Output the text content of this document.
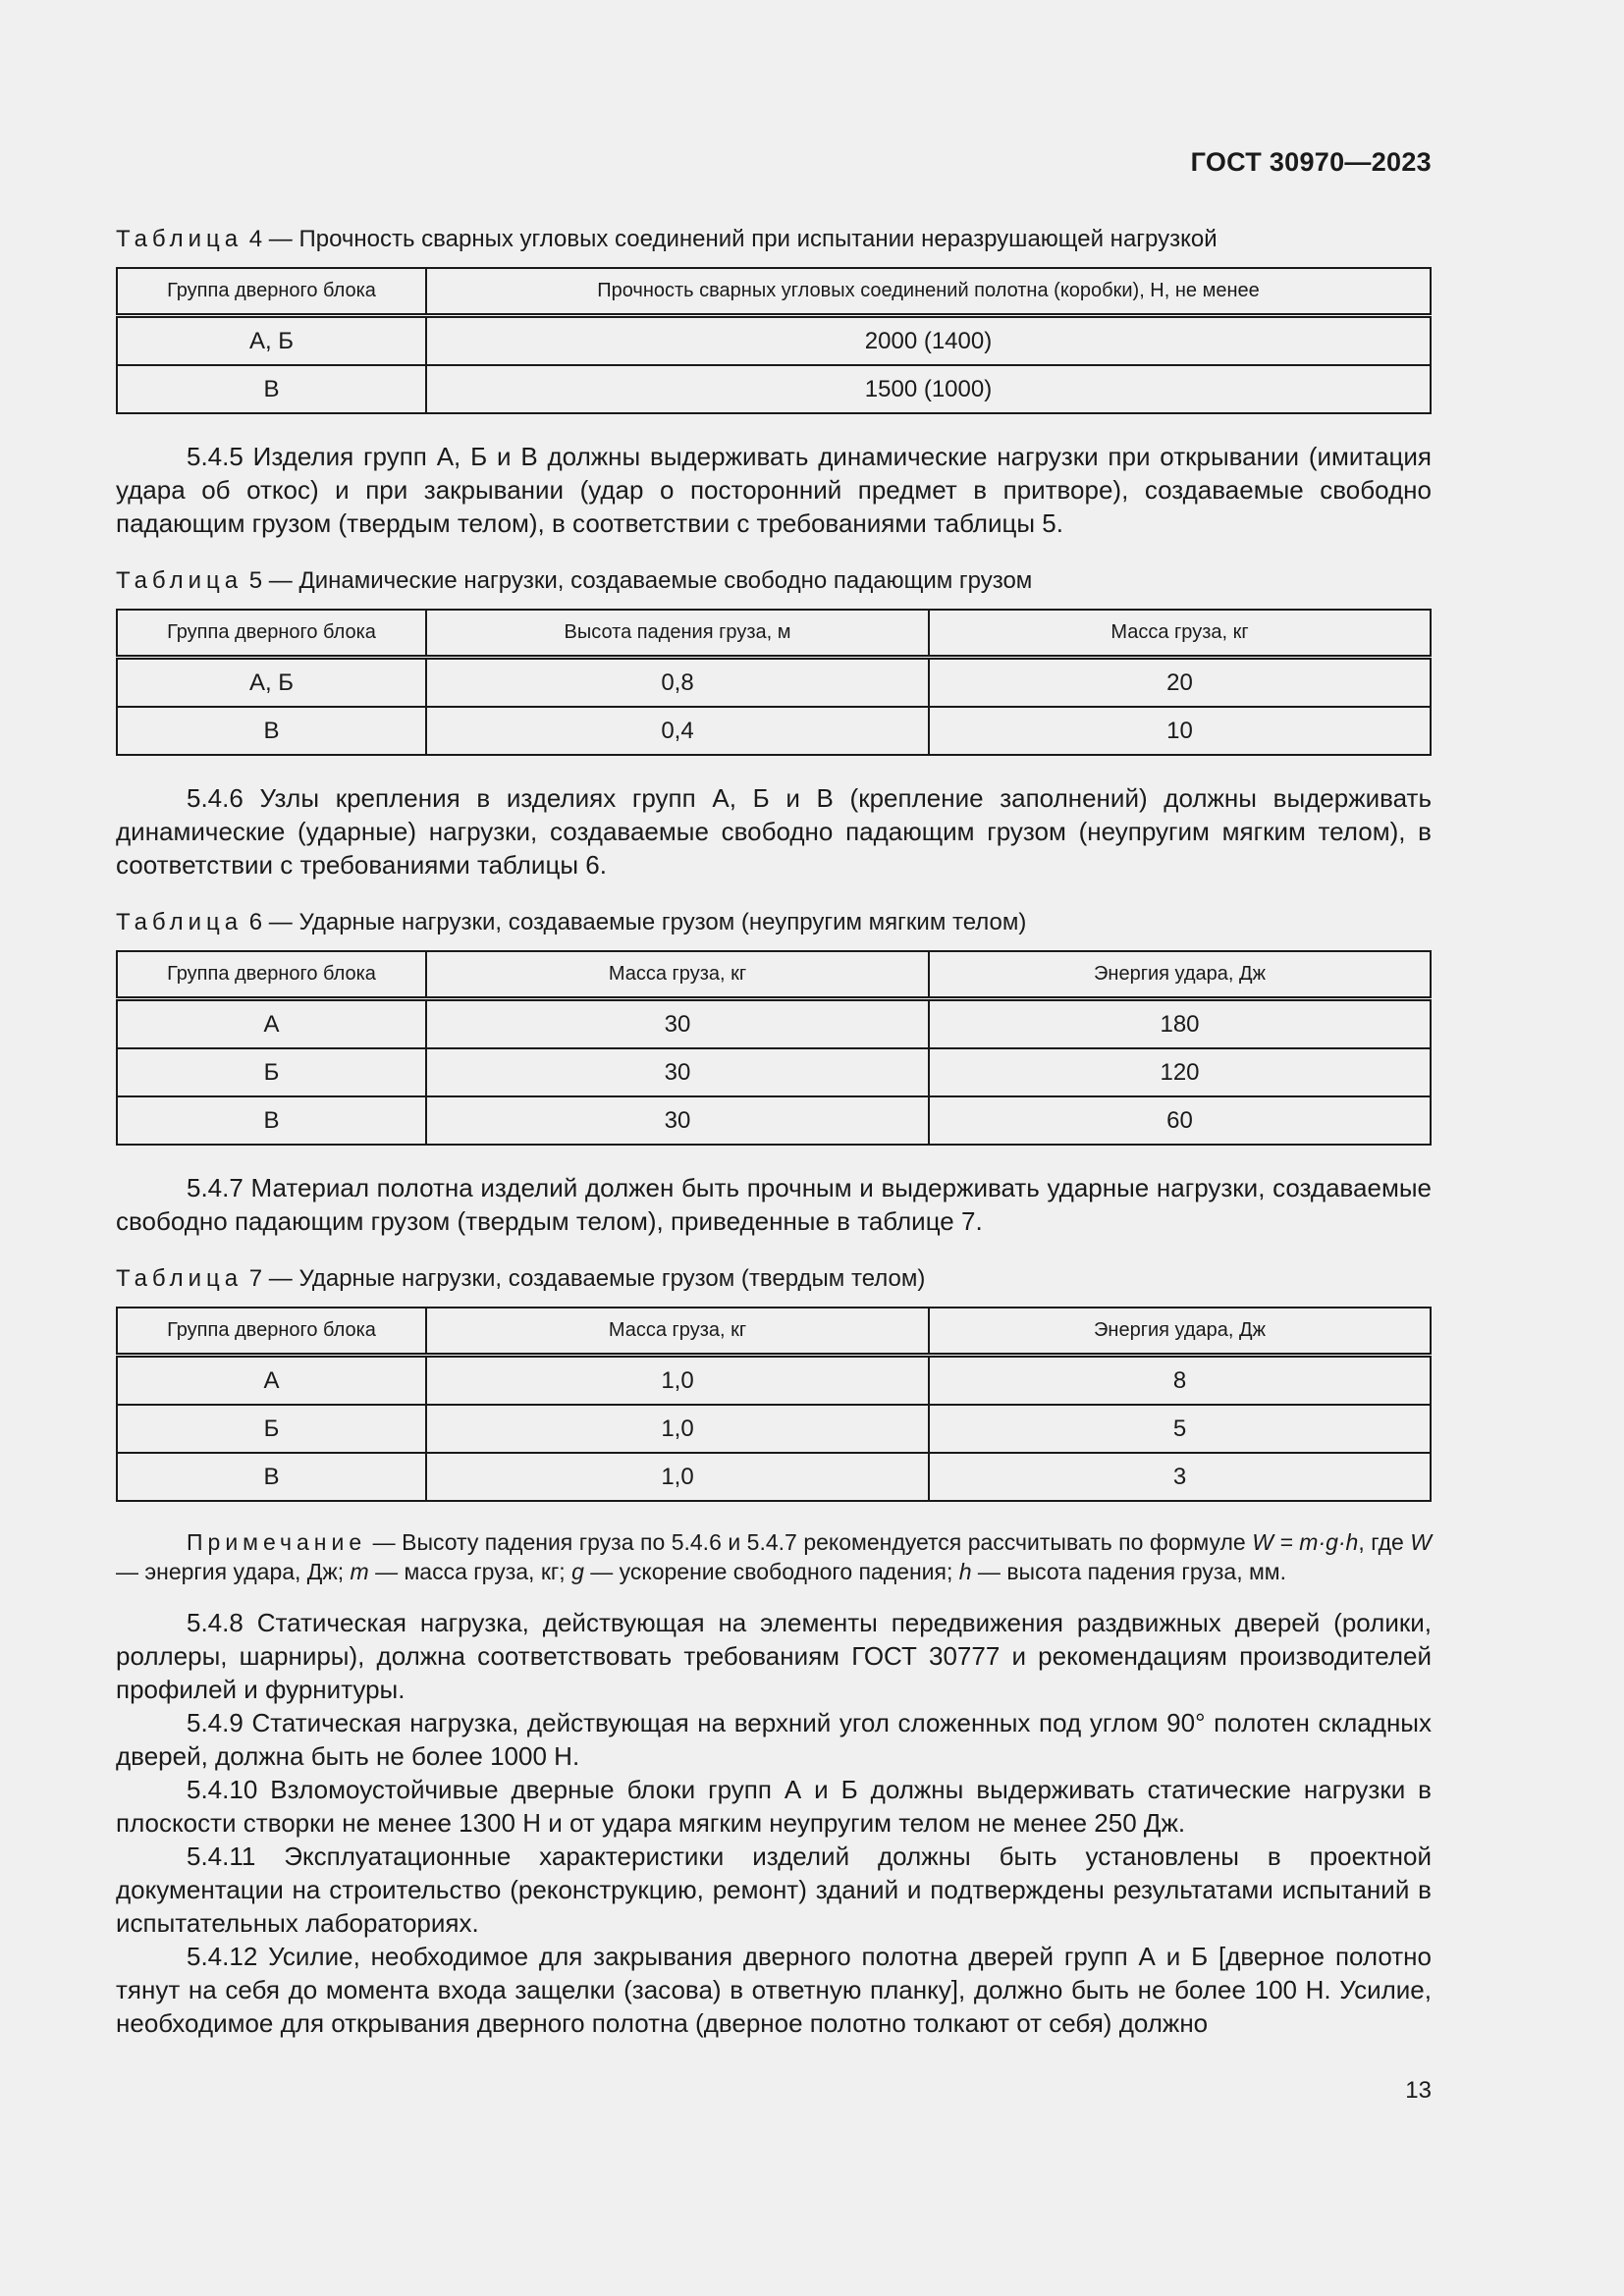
ГОСТ 30970—2023
Таблица 4 — Прочность сварных угловых соединений при испытании неразрушающей нагрузкой
Группа дверного блока	Прочность сварных угловых соединений полотна (коробки), Н, не менее
А, Б	2000 (1400)
В	1500 (1000)

5.4.5 Изделия групп А, Б и В должны выдерживать динамические нагрузки при открывании (имитация удара об откос) и при закрывании (удар о посторонний предмет в притворе), создаваемые свободно падающим грузом (твердым телом), в соответствии с требованиями таблицы 5.

Таблица 5 — Динамические нагрузки, создаваемые свободно падающим грузом
Группа дверного блока	Высота падения груза, м	Масса груза, кг
А, Б	0,8	20
В	0,4	10

5.4.6 Узлы крепления в изделиях групп А, Б и В (крепление заполнений) должны выдерживать динамические (ударные) нагрузки, создаваемые свободно падающим грузом (неупругим мягким телом), в соответствии с требованиями таблицы 6.

Таблица 6 — Ударные нагрузки, создаваемые грузом (неупругим мягким телом)
Группа дверного блока	Масса груза, кг	Энергия удара, Дж
А	30	180
Б	30	120
В	30	60

5.4.7 Материал полотна изделий должен быть прочным и выдерживать ударные нагрузки, создаваемые свободно падающим грузом (твердым телом), приведенные в таблице 7.

Таблица 7 — Ударные нагрузки, создаваемые грузом (твердым телом)
Группа дверного блока	Масса груза, кг	Энергия удара, Дж
А	1,0	8
Б	1,0	5
В	1,0	3

Примечание — Высоту падения груза по 5.4.6 и 5.4.7 рекомендуется рассчитывать по формуле W = m·g·h, где W — энергия удара, Дж; m — масса груза, кг; g — ускорение свободного падения; h — высота падения груза, мм.

5.4.8 Статическая нагрузка, действующая на элементы передвижения раздвижных дверей (ролики, роллеры, шарниры), должна соответствовать требованиям ГОСТ 30777 и рекомендациям производителей профилей и фурнитуры.

5.4.9 Статическая нагрузка, действующая на верхний угол сложенных под углом 90° полотен складных дверей, должна быть не более 1000 Н.

5.4.10 Взломоустойчивые дверные блоки групп А и Б должны выдерживать статические нагрузки в плоскости створки не менее 1300 Н и от удара мягким неупругим телом не менее 250 Дж.

5.4.11 Эксплуатационные характеристики изделий должны быть установлены в проектной документации на строительство (реконструкцию, ремонт) зданий и подтверждены результатами испытаний в испытательных лабораториях.

5.4.12 Усилие, необходимое для закрывания дверного полотна дверей групп А и Б [дверное полотно тянут на себя до момента входа защелки (засова) в ответную планку], должно быть не более 100 Н. Усилие, необходимое для открывания дверного полотна (дверное полотно толкают от себя) должно

13
